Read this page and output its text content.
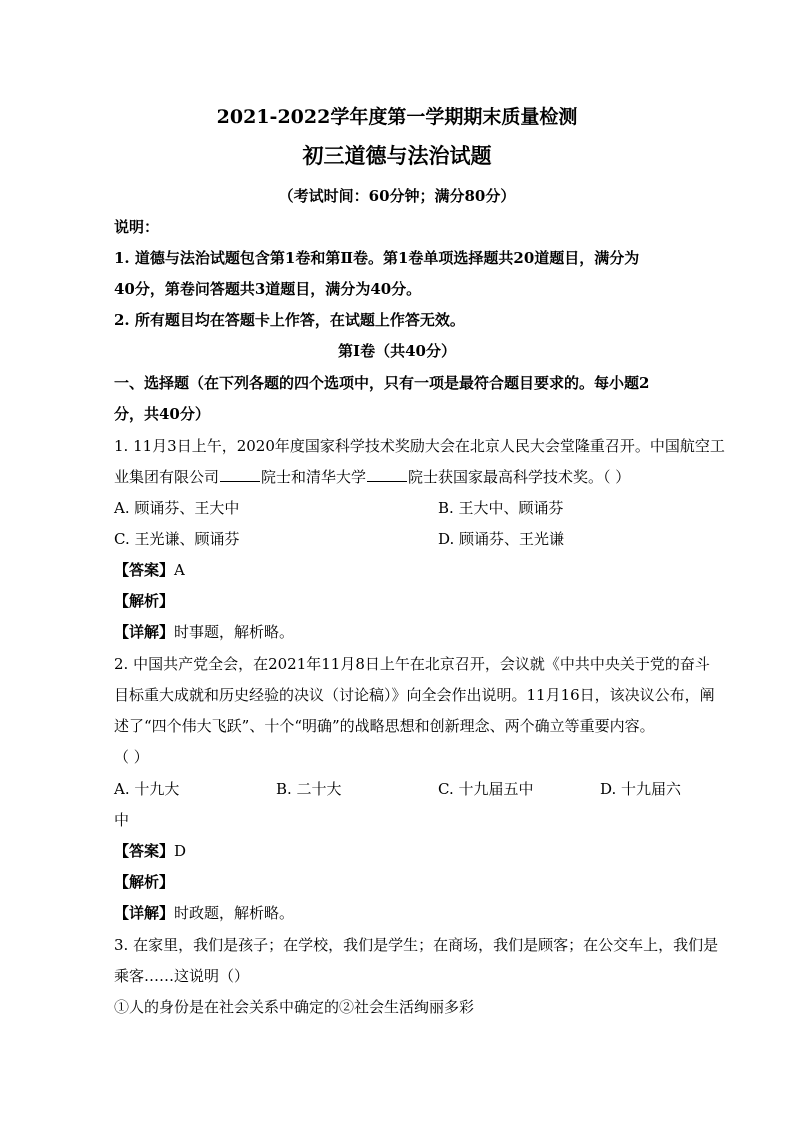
2021-2022学年度第一学期期末质量检测
初三道德与法治试题
（考试时间：60分钟；满分80分）
说明：
1. 道德与法治试题包含第1卷和第Ⅱ卷。第1卷单项选择题共20道题目，满分为
40分，第卷问答题共3道题目，满分为40分。
2. 所有题目均在答题卡上作答，在试题上作答无效。
第Ⅰ卷（共40分）
一、选择题（在下列各题的四个选项中，只有一项是最符合题目要求的。每小题2
分，共40分）
1. 11月3日上午，2020年度国家科学技术奖励大会在北京人民大会堂隆重召开。中国航空工
业集团有限公司	院士和清华大学	院士获国家最高科学技术奖。（ ）
A. 顾诵芬、王大中	B. 王大中、顾诵芬
C. 王光谦、顾诵芬	D. 顾诵芬、王光谦
【答案】A
【解析】
【详解】时事题，解析略。
2. 中国共产党全会，在2021年11月8日上午在北京召开，会议就《中共中央关于党的奋斗
目标重大成就和历史经验的决议（讨论稿）》向全会作出说明。11月16日，该决议公布，阐
述了“四个伟大飞跃”、十个“明确”的战略思想和创新理念、两个确立等重要内容。
（ ）
A. 十九大	B. 二十大	C. 十九届五中	D. 十九届六
中
【答案】D
【解析】
【详解】时政题，解析略。
3. 在家里，我们是孩子；在学校，我们是学生；在商场，我们是顾客；在公交车上，我们是
乘客……这说明（）
①人的身份是在社会关系中确定的②社会生活绚丽多彩
